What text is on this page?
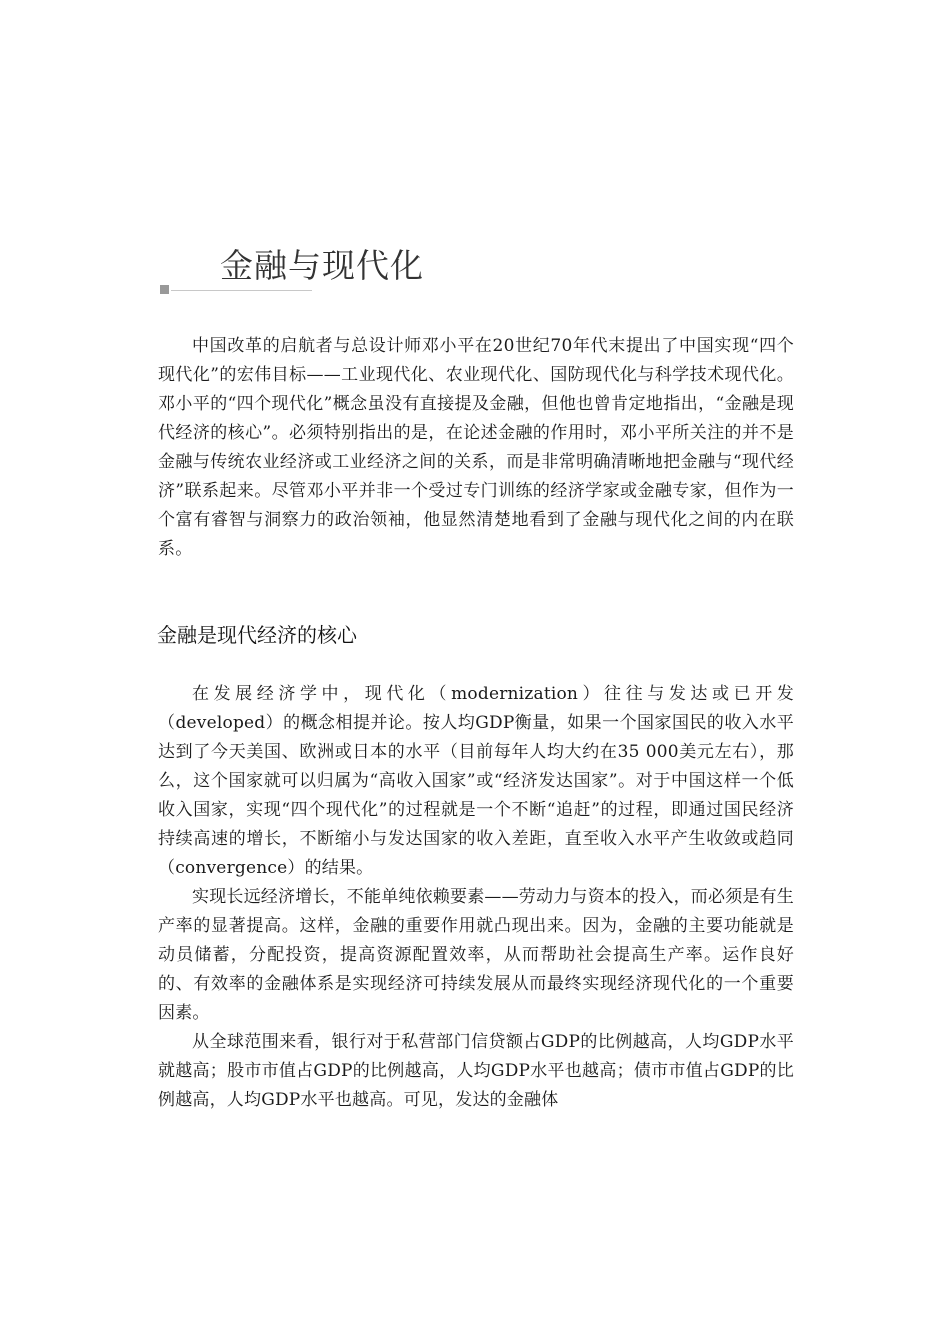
金融与现代化

中国改革的启航者与总设计师邓小平在20世纪70年代末提出了中国实现“四个现代化”的宏伟目标——工业现代化、农业现代化、国防现代化与科学技术现代化。邓小平的“四个现代化”概念虽没有直接提及金融，但他也曾肯定地指出，“金融是现代经济的核心”。必须特别指出的是，在论述金融的作用时，邓小平所关注的并不是金融与传统农业经济或工业经济之间的关系，而是非常明确清晰地把金融与“现代经济”联系起来。尽管邓小平并非一个受过专门训练的经济学家或金融专家，但作为一个富有睿智与洞察力的政治领袖，他显然清楚地看到了金融与现代化之间的内在联系。

金融是现代经济的核心

在发展经济学中，现代化（modernization）往往与发达或已开发（developed）的概念相提并论。按人均GDP衡量，如果一个国家国民的收入水平达到了今天美国、欧洲或日本的水平（目前每年人均大约在35 000美元左右），那么，这个国家就可以归属为“高收入国家”或“经济发达国家”。对于中国这样一个低收入国家，实现“四个现代化”的过程就是一个不断“追赶”的过程，即通过国民经济持续高速的增长，不断缩小与发达国家的收入差距，直至收入水平产生收敛或趋同（convergence）的结果。

实现长远经济增长，不能单纯依赖要素——劳动力与资本的投入，而必须是有生产率的显著提高。这样，金融的重要作用就凸现出来。因为，金融的主要功能就是动员储蓄，分配投资，提高资源配置效率，从而帮助社会提高生产率。运作良好的、有效率的金融体系是实现经济可持续发展从而最终实现经济现代化的一个重要因素。

从全球范围来看，银行对于私营部门信贷额占GDP的比例越高，人均GDP水平就越高；股市市值占GDP的比例越高，人均GDP水平也越高；债市市值占GDP的比例越高，人均GDP水平也越高。可见，发达的金融体
